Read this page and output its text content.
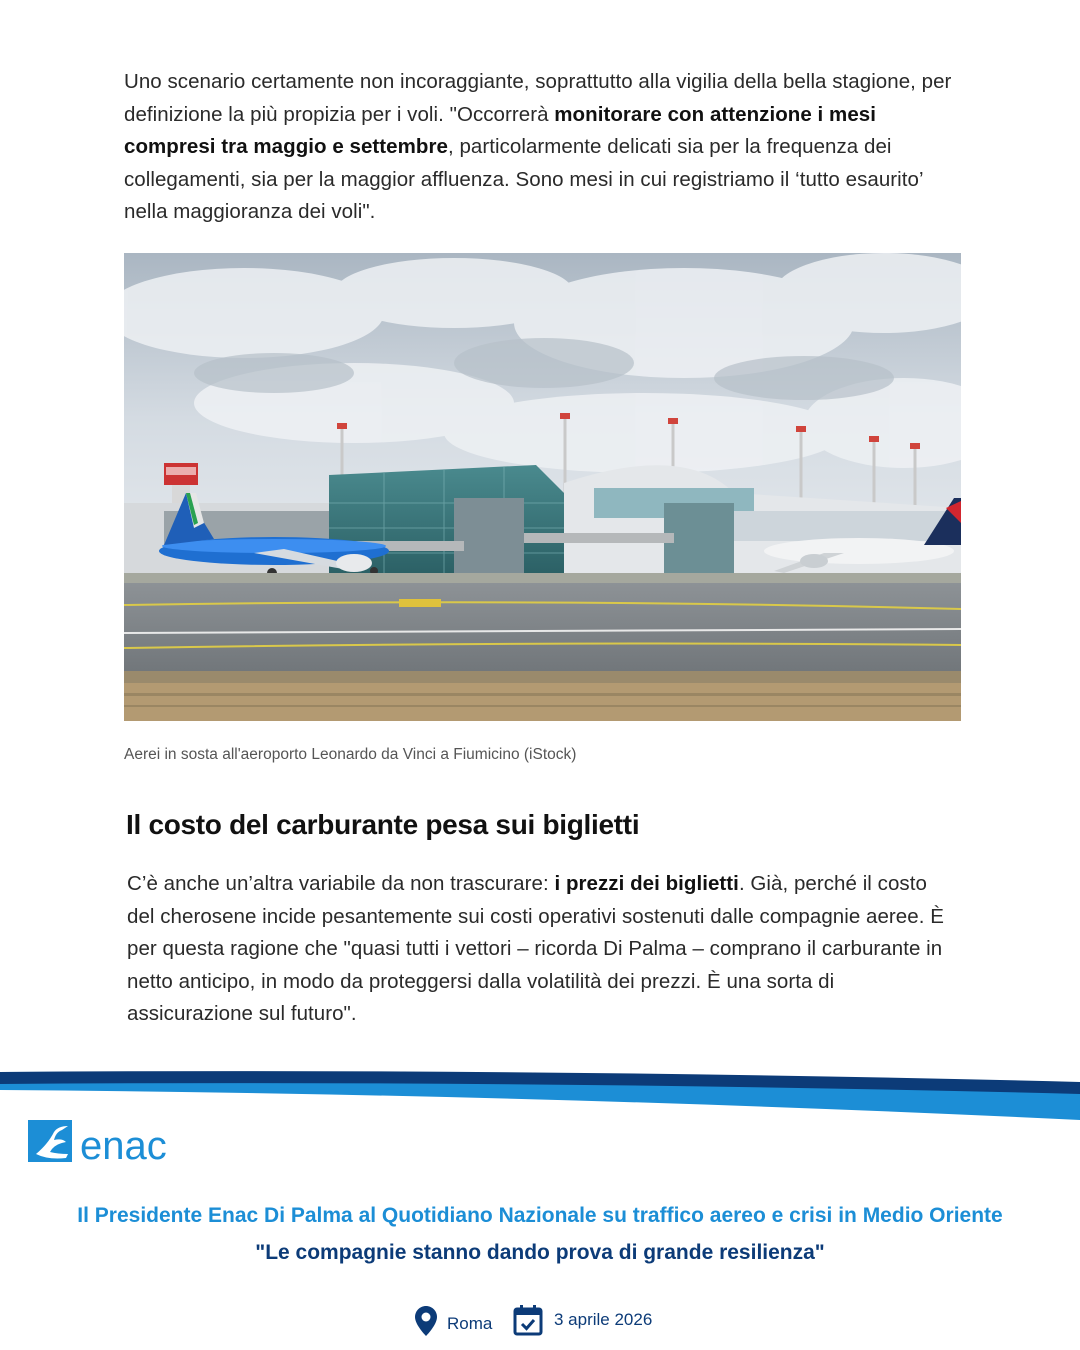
Uno scenario certamente non incoraggiante, soprattutto alla vigilia della bella stagione, per definizione la più propizia per i voli. "Occorrerà monitorare con attenzione i mesi compresi tra maggio e settembre, particolarmente delicati sia per la frequenza dei collegamenti, sia per la maggior affluenza. Sono mesi in cui registriamo il ‘tutto esaurito’ nella maggioranza dei voli".

Aerei in sosta all'aeroporto Leonardo da Vinci a Fiumicino (iStock)

Il costo del carburante pesa sui biglietti

C’è anche un’altra variabile da non trascurare: i prezzi dei biglietti. Già, perché il costo del cherosene incide pesantemente sui costi operativi sostenuti dalle compagnie aeree. È per questa ragione che "quasi tutti i vettori – ricorda Di Palma – comprano il carburante in netto anticipo, in modo da proteggersi dalla volatilità dei prezzi. È una sorta di assicurazione sul futuro".

enac

Il Presidente Enac Di Palma al Quotidiano Nazionale su traffico aereo e crisi in Medio Oriente

"Le compagnie stanno dando prova di grande resilienza"

Roma	3 aprile 2026
